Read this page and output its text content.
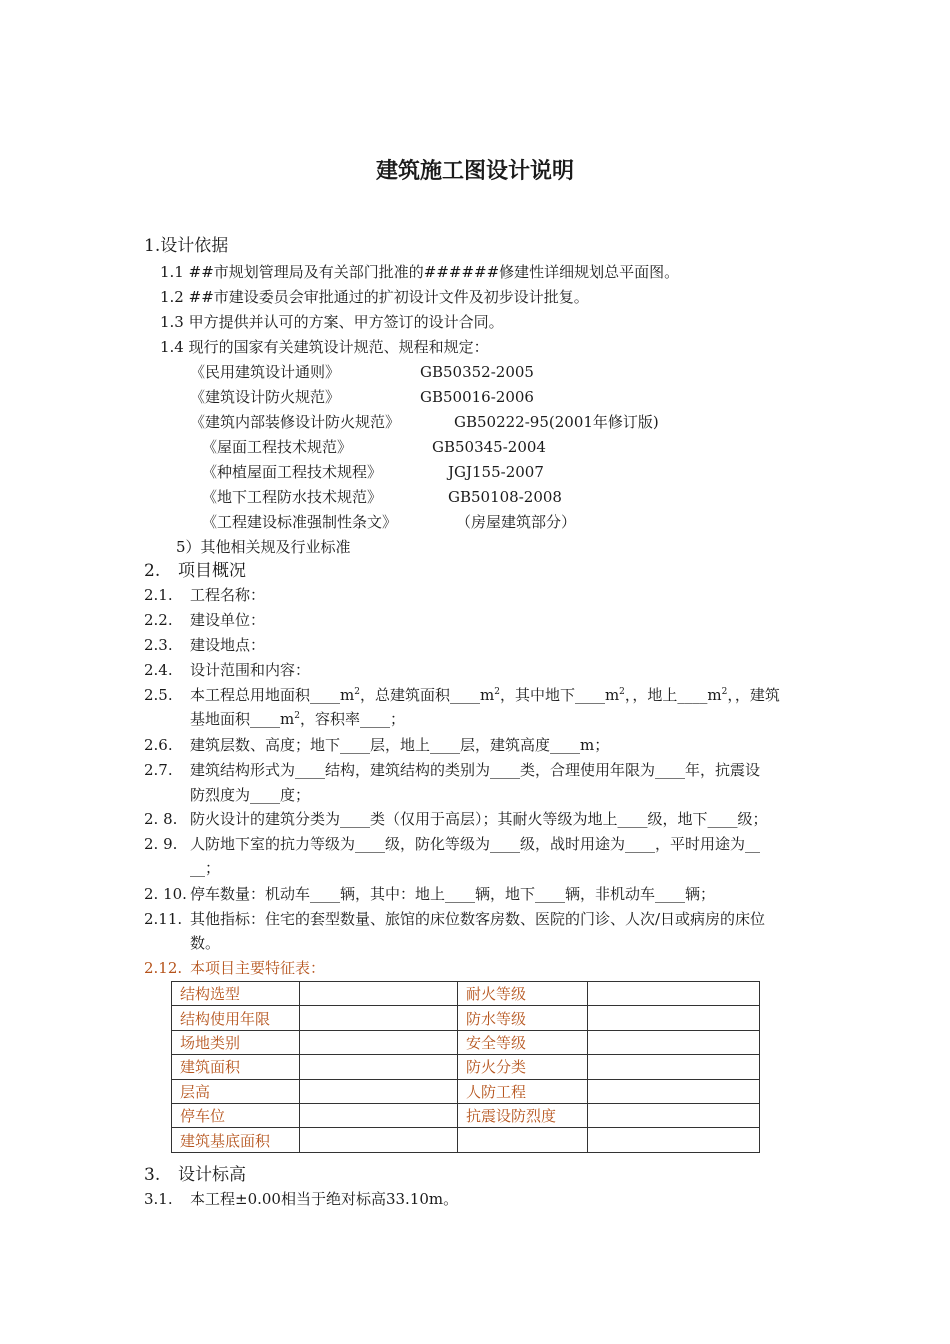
建筑施工图设计说明
1.设计依据
1.1 ##市规划管理局及有关部门批准的######修建性详细规划总平面图。
1.2 ##市建设委员会审批通过的扩初设计文件及初步设计批复。
1.3 甲方提供并认可的方案、甲方签订的设计合同。
1.4 现行的国家有关建筑设计规范、规程和规定：
《民用建筑设计通则》	GB50352-2005
《建筑设计防火规范》	GB50016-2006
《建筑内部装修设计防火规范》	GB50222-95(2001年修订版)
《屋面工程技术规范》	GB50345-2004
《种植屋面工程技术规程》	JGJ155-2007
《地下工程防水技术规范》	GB50108-2008
《工程建设标准强制性条文》	（房屋建筑部分）
5）其他相关规及行业标准
2. 项目概况
2.1. 工程名称：
2.2. 建设单位：
2.3. 建设地点：
2.4. 设计范围和内容：
2.5. 本工程总用地面积$\_\_\_\_m^2$，总建筑面积$\_\_\_\_m^2$，其中地下$\_\_\_\_m^2$，，地上$\_\_\_\_m^2$，，建筑
基地面积$\_\_\_\_m^2$，容积率____；
2.6. 建筑层数、高度；地下____层，地上____层，建筑高度____m；
2.7. 建筑结构形式为____结构，建筑结构的类别为____类，合理使用年限为____年，抗震设
防烈度为____度；
2. 8. 防火设计的建筑分类为____类（仅用于高层）；其耐火等级为地上____级，地下____级；
2. 9. 人防地下室的抗力等级为____级，防化等级为____级，战时用途为____，平时用途为__
__；
2. 10. 停车数量：机动车____辆，其中：地上____辆，地下____辆，非机动车____辆；
2.11. 其他指标：住宅的套型数量、旅馆的床位数客房数、医院的门诊、人次/日或病房的床位
数。
2.12. 本项目主要特征表：
结构选型		耐火等级	
结构使用年限		防水等级	
场地类别		安全等级	
建筑面积		防火分类	
层高		人防工程	
停车位		抗震设防烈度	
建筑基底面积			
3. 设计标高
3.1. 本工程±0.00相当于绝对标高33.10m。
